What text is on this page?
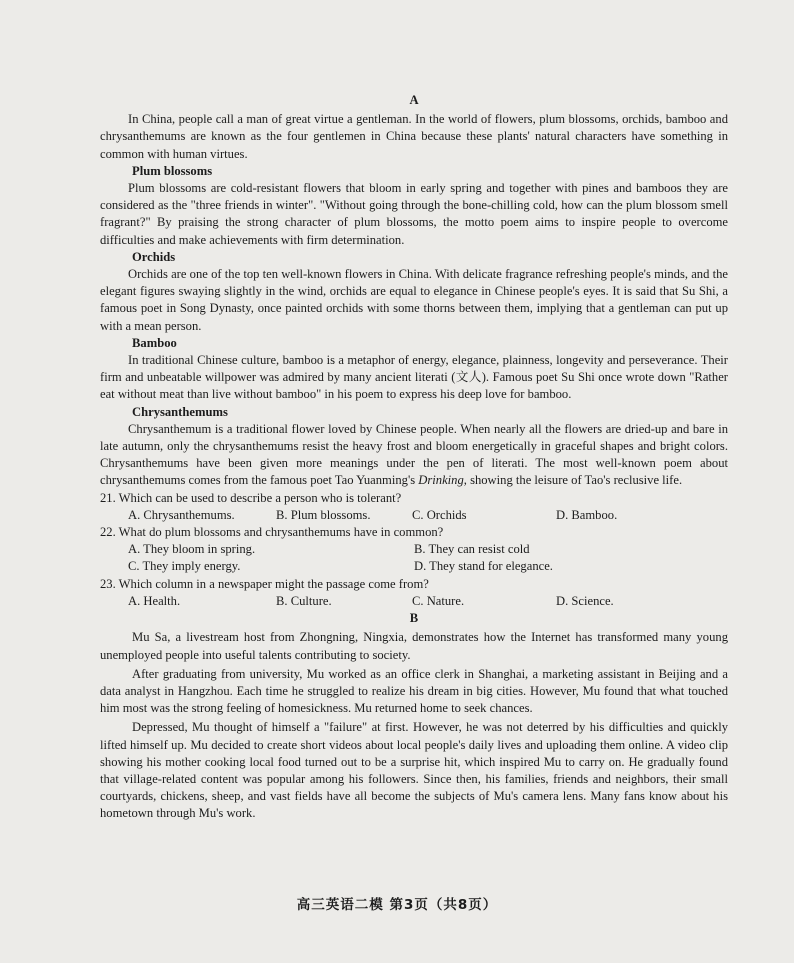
A

In China, people call a man of great virtue a gentleman. In the world of flowers, plum blossoms, orchids, bamboo and chrysanthemums are known as the four gentlemen in China because these plants' natural characters have something in common with human virtues.

Plum blossoms

Plum blossoms are cold-resistant flowers that bloom in early spring and together with pines and bamboos they are considered as the "three friends in winter". "Without going through the bone-chilling cold, how can the plum blossom smell fragrant?" By praising the strong character of plum blossoms, the motto poem aims to inspire people to overcome difficulties and make achievements with firm determination.

Orchids

Orchids are one of the top ten well-known flowers in China. With delicate fragrance refreshing people's minds, and the elegant figures swaying slightly in the wind, orchids are equal to elegance in Chinese people's eyes. It is said that Su Shi, a famous poet in Song Dynasty, once painted orchids with some thorns between them, implying that a gentleman can put up with a mean person.

Bamboo

In traditional Chinese culture, bamboo is a metaphor of energy, elegance, plainness, longevity and perseverance. Their firm and unbeatable willpower was admired by many ancient literati (文人). Famous poet Su Shi once wrote down "Rather eat without meat than live without bamboo" in his poem to express his deep love for bamboo.

Chrysanthemums

Chrysanthemum is a traditional flower loved by Chinese people. When nearly all the flowers are dried-up and bare in late autumn, only the chrysanthemums resist the heavy frost and bloom energetically in graceful shapes and bright colors. Chrysanthemums have been given more meanings under the pen of literati. The most well-known poem about chrysanthemums comes from the famous poet Tao Yuanming's Drinking, showing the leisure of Tao's reclusive life.

21. Which can be used to describe a person who is tolerant?
A. Chrysanthemums.	B. Plum blossoms.	C. Orchids	D. Bamboo.
22. What do plum blossoms and chrysanthemums have in common?
A. They bloom in spring.	B. They can resist cold
C. They imply energy.	D. They stand for elegance.
23. Which column in a newspaper might the passage come from?
A. Health.	B. Culture.	C. Nature.	D. Science.
B

Mu Sa, a livestream host from Zhongning, Ningxia, demonstrates how the Internet has transformed many young unemployed people into useful talents contributing to society.

After graduating from university, Mu worked as an office clerk in Shanghai, a marketing assistant in Beijing and a data analyst in Hangzhou. Each time he struggled to realize his dream in big cities. However, Mu found that what touched him most was the strong feeling of homesickness. Mu returned home to seek chances.

Depressed, Mu thought of himself a "failure" at first. However, he was not deterred by his difficulties and quickly lifted himself up. Mu decided to create short videos about local people's daily lives and uploading them online. A video clip showing his mother cooking local food turned out to be a surprise hit, which inspired Mu to carry on. He gradually found that village-related content was popular among his followers. Since then, his families, friends and neighbors, their small courtyards, chickens, sheep, and vast fields have all become the subjects of Mu's camera lens. Many fans know about his hometown through Mu's work.

高三英语二模 第3页（共8页）
